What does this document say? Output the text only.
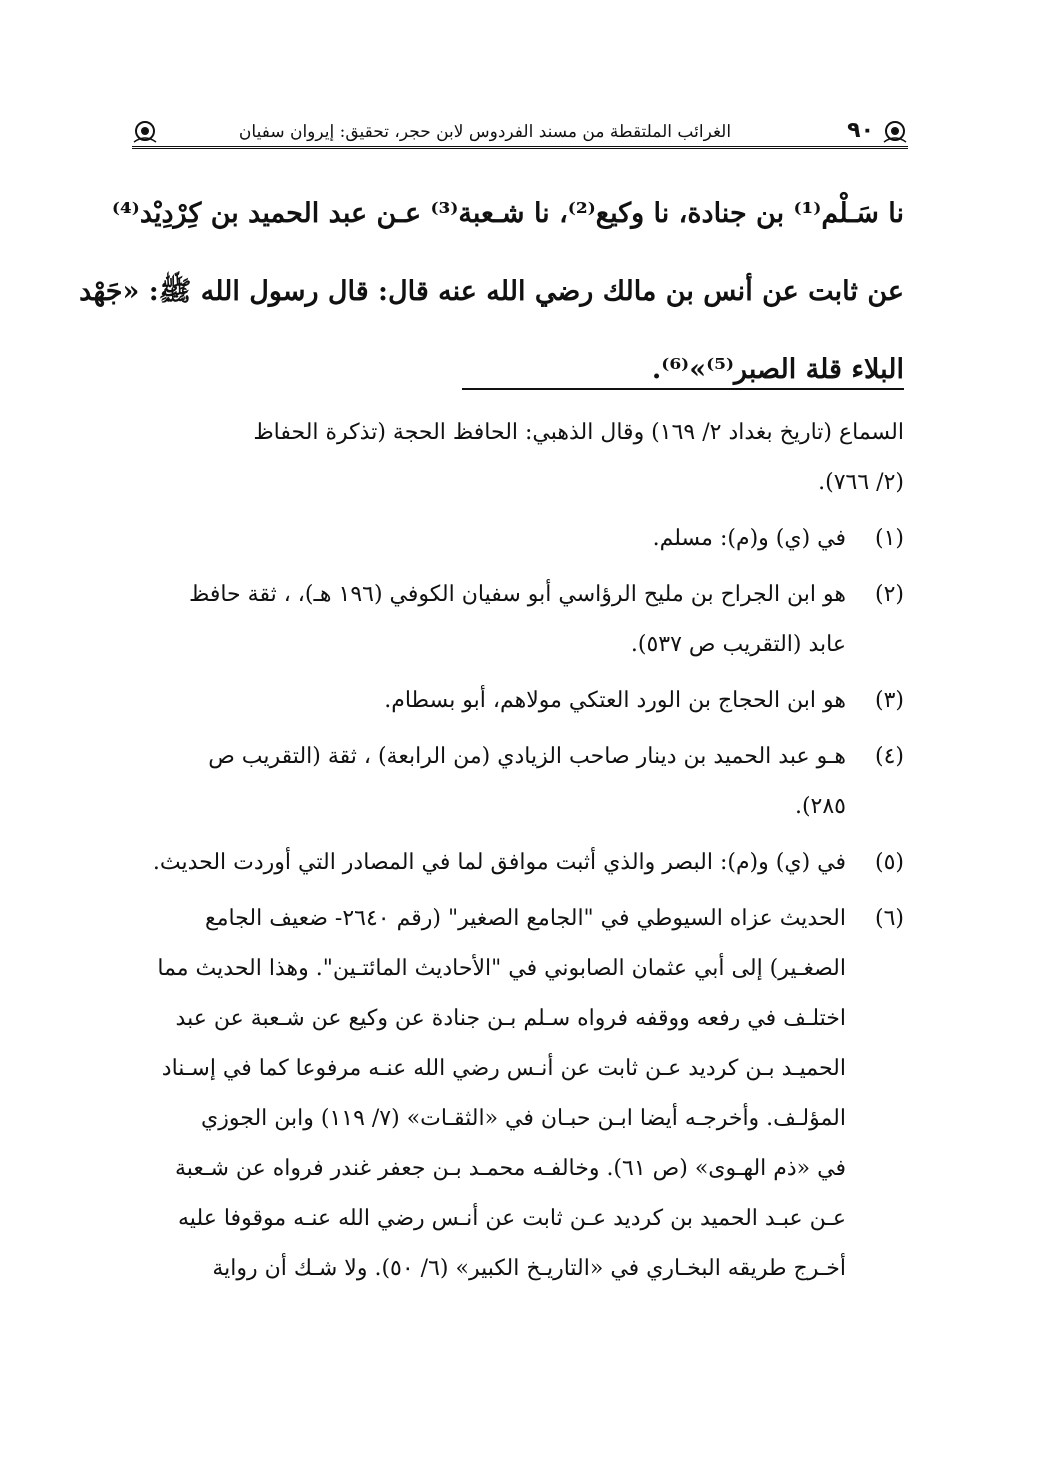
٩٠
الغرائب الملتقطة من مسند الفردوس لابن حجر، تحقيق: إيروان سفيان
نا سَـلْم⁽¹⁾ بن جنادة، نا وكيع⁽²⁾، نا شـعبة⁽³⁾ عـن عبد الحميد بن كِرْدِيْد⁽⁴⁾
عن ثابت عن أنس بن مالك رضي الله عنه قال: قال رسول الله ﷺ: «جَهْد
البلاء قلة الصبر⁽⁵⁾»⁽⁶⁾.
السماع (تاريخ بغداد ٢/ ١٦٩) وقال الذهبي: الحافظ الحجة (تذكرة الحفاظ
(٢/ ٧٦٦).
(١)
في (ي) و(م): مسلم.
(٢)
هو ابن الجراح بن مليح الرؤاسي أبو سفيان الكوفي (١٩٦ هـ)، ، ثقة حافظ
عابد (التقريب ص ٥٣٧).
(٣)
هو ابن الحجاج بن الورد العتكي مولاهم، أبو بسطام.
(٤)
هـو عبد الحميد بن دينار صاحب الزيادي (من الرابعة) ، ثقة (التقريب ص
٢٨٥).
(٥)
في (ي) و(م): البصر والذي أثبت موافق لما في المصادر التي أوردت الحديث.
(٦)
الحديث عزاه السيوطي في "الجامع الصغير" (رقم ٢٦٤٠- ضعيف الجامع
الصغـير) إلى أبي عثمان الصابوني في "الأحاديث المائتـين". وهذا الحديث مما
اختلـف في رفعه ووقفه فرواه سـلم بـن جنادة عن وكيع عن شـعبة عن عبد
الحميـد بـن كرديد عـن ثابت عن أنـس رضي الله عنـه مرفوعا كما في إسـناد
المؤلـف. وأخرجـه أيضا ابـن حبـان في «الثقـات» (٧/ ١١٩) وابن الجوزي
في «ذم الهـوى» (ص ٦١). وخالفـه محمـد بـن جعفر غندر فرواه عن شـعبة
عـن عبـد الحميد بن كرديد عـن ثابت عن أنـس رضي الله عنـه موقوفا عليه
أخـرج طريقه البخـاري في «التاريـخ الكبير» (٦/ ٥٠). ولا شـك أن رواية
